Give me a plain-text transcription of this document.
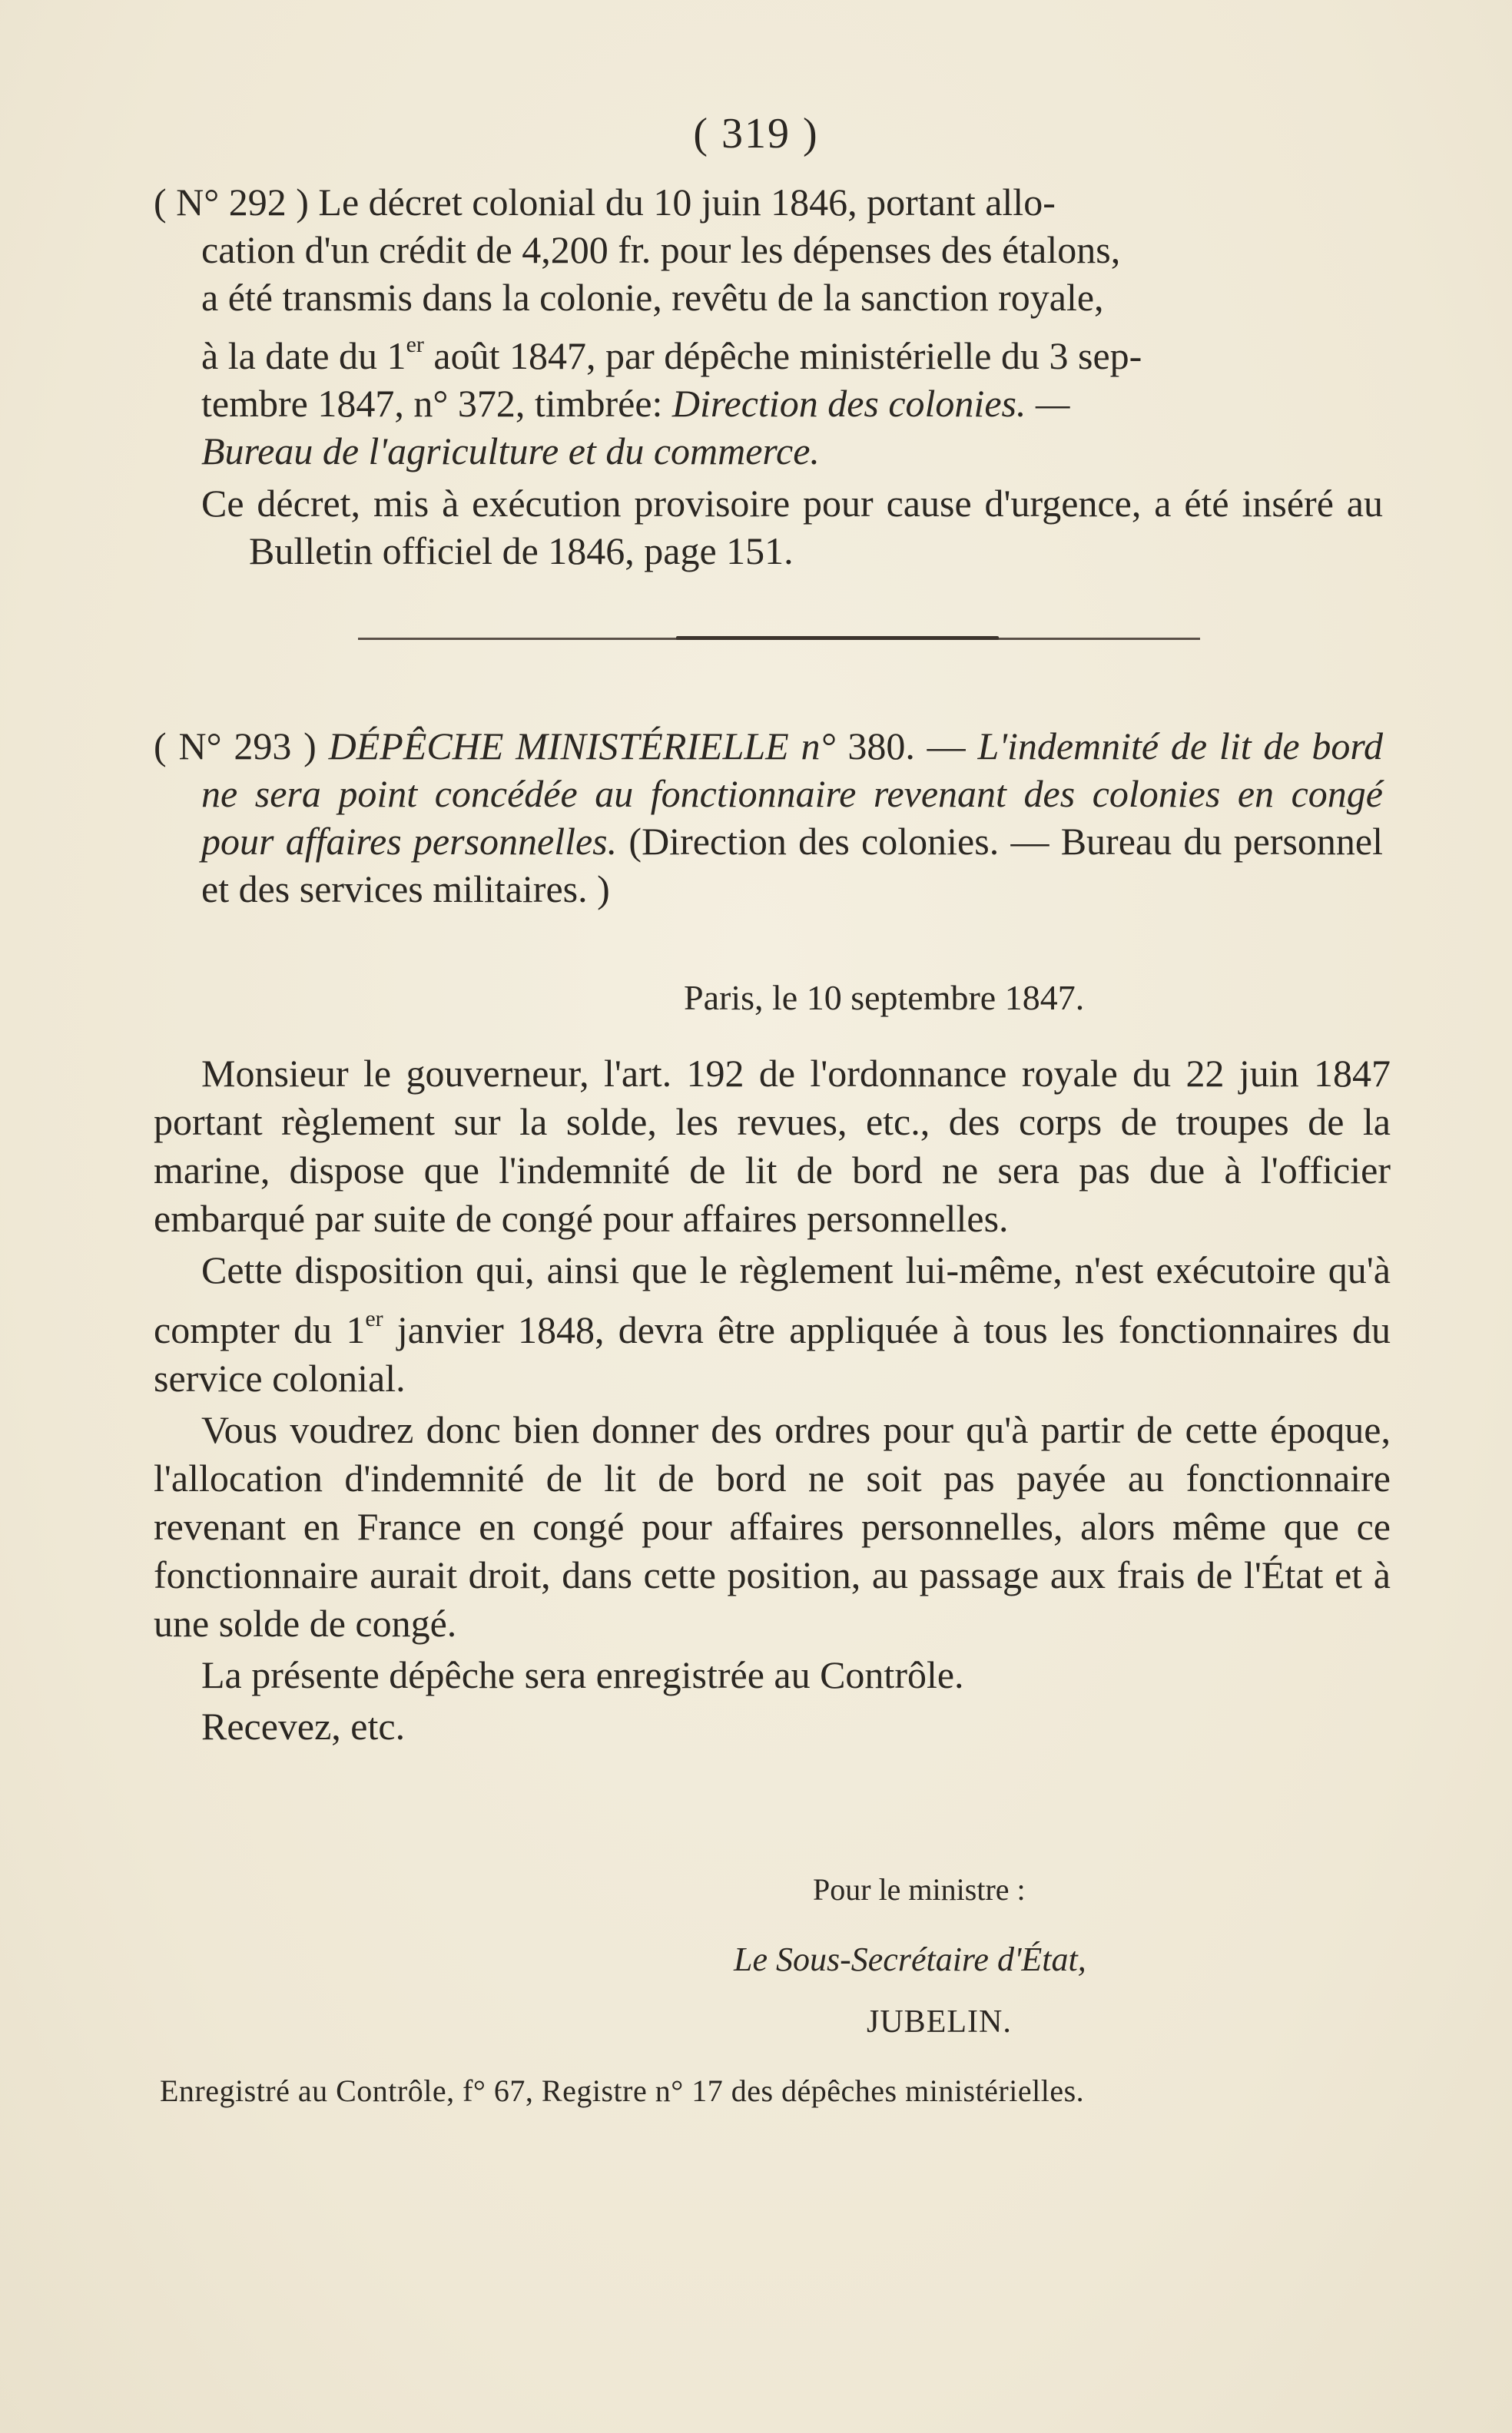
( 319 )
( N° 292 ) Le décret colonial du 10 juin 1846, portant allo-
cation d'un crédit de 4,200 fr. pour les dépenses des étalons,
a été transmis dans la colonie, revêtu de la sanction royale,
à la date du 1er août 1847, par dépêche ministérielle du 3 sep-
tembre 1847, n° 372, timbrée: Direction des colonies. —
Bureau de l'agriculture et du commerce.
Ce décret, mis à exécution provisoire pour cause d'urgence, a été inséré au Bulletin officiel de 1846, page 151.
( N° 293 ) DÉPÊCHE MINISTÉRIELLE n° 380. — L'indemnité de lit de bord ne sera point concédée au fonctionnaire revenant des colonies en congé pour affaires personnelles. (Direction des colonies. — Bureau du personnel et des services militaires. )
Paris, le 10 septembre 1847.
Monsieur le gouverneur, l'art. 192 de l'ordonnance royale du 22 juin 1847 portant règlement sur la solde, les revues, etc., des corps de troupes de la marine, dispose que l'indemnité de lit de bord ne sera pas due à l'officier embarqué par suite de congé pour affaires personnelles.
Cette disposition qui, ainsi que le règlement lui-même, n'est exécutoire qu'à compter du 1er janvier 1848, devra être appliquée à tous les fonctionnaires du service colonial.
Vous voudrez donc bien donner des ordres pour qu'à partir de cette époque, l'allocation d'indemnité de lit de bord ne soit pas payée au fonctionnaire revenant en France en congé pour affaires personnelles, alors même que ce fonctionnaire aurait droit, dans cette position, au passage aux frais de l'État et à une solde de congé.
La présente dépêche sera enregistrée au Contrôle.
Recevez, etc.
Pour le ministre :
Le Sous-Secrétaire d'État,
JUBELIN.
Enregistré au Contrôle, f° 67, Registre n° 17 des dépêches ministérielles.
